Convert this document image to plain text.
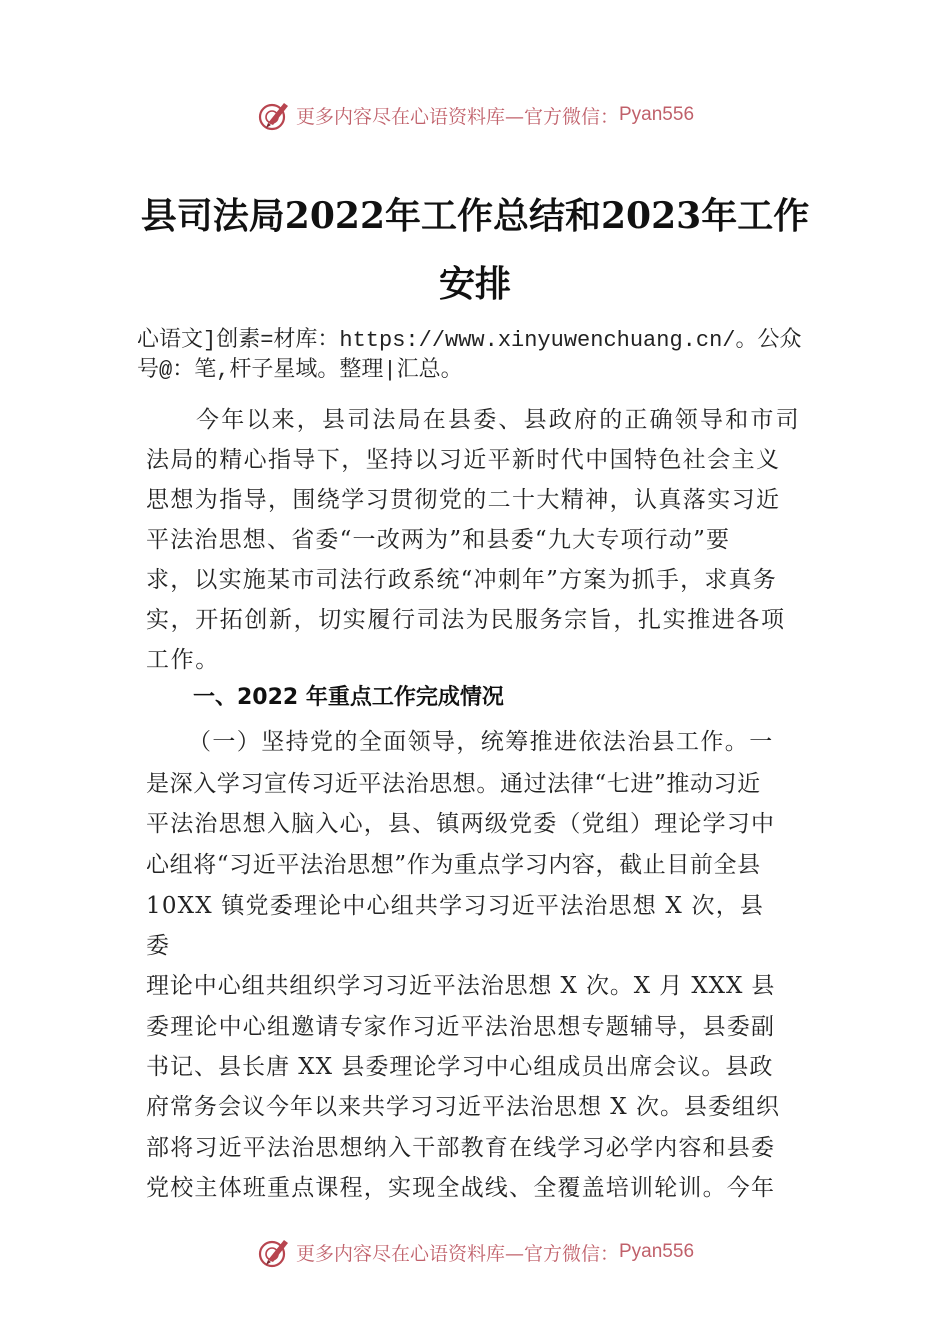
更多内容尽在心语资料库—官方微信： Pyan556
县司法局2022年工作总结和2023年工作
安排
心语文]创素=材库：https://www.xinyuwenchuang.cn/。公众
号@：笔,杆子星域。整理|汇总。
今年以来，县司法局在县委、县政府的正确领导和市司
法局的精心指导下，坚持以习近平新时代中国特色社会主义
思想为指导，围绕学习贯彻党的二十大精神，认真落实习近
平法治思想、省委“一改两为”和县委“九大专项行动”要
求，以实施某市司法行政系统“冲刺年”方案为抓手，求真务
实，开拓创新，切实履行司法为民服务宗旨，扎实推进各项
工作。
一、2022 年重点工作完成情况
（一）坚持党的全面领导，统筹推进依法治县工作。一
是深入学习宣传习近平法治思想。通过法律“七进”推动习近
平法治思想入脑入心，县、镇两级党委（党组）理论学习中
心组将“习近平法治思想”作为重点学习内容，截止目前全县
10XX 镇党委理论中心组共学习习近平法治思想 X 次，县
委
理论中心组共组织学习习近平法治思想 X 次。X 月 XXX 县
委理论中心组邀请专家作习近平法治思想专题辅导，县委副
书记、县长唐 XX 县委理论学习中心组成员出席会议。县政
府常务会议今年以来共学习习近平法治思想 X 次。县委组织
部将习近平法治思想纳入干部教育在线学习必学内容和县委
党校主体班重点课程，实现全战线、全覆盖培训轮训。今年
更多内容尽在心语资料库—官方微信： Pyan556
